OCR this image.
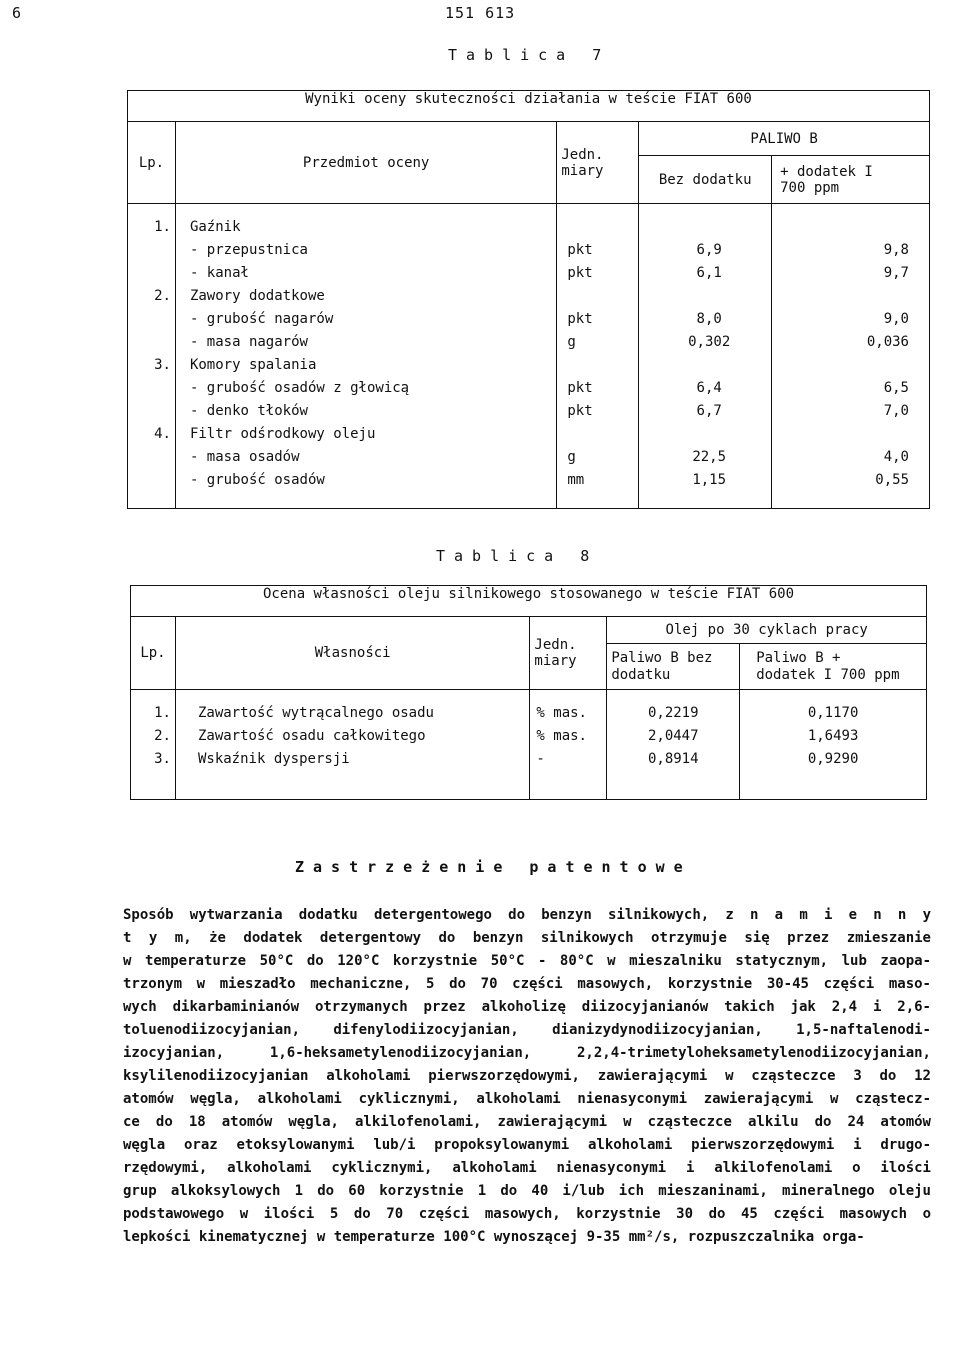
6	151 613
Tablica 7
Wyniki oceny skuteczności działania w teście FIAT 600				
Lp.	Przedmiot oceny	Jedn. miary	PALIWO B	
			Bez dodatku	+ dodatek I 700 ppm
1.	Gaźnik			
	- przepustnica	pkt	6,9	9,8
	- kanał	pkt	6,1	9,7
2.	Zawory dodatkowe			
	- grubość nagarów	pkt	8,0	9,0
	- masa nagarów	g	0,302	0,036
3.	Komory spalania			
	- grubość osadów z głowicą	pkt	6,4	6,5
	- denko tłoków	pkt	6,7	7,0
4.	Filtr odśrodkowy oleju			
	- masa osadów	g	22,5	4,0
	- grubość osadów	mm	1,15	0,55
Tablica 8
Ocena własności oleju silnikowego stosowanego w teście FIAT 600				
Lp.	Własności	Jedn. miary	Olej po 30 cyklach pracy	
			Paliwo B bez dodatku	Paliwo B + dodatek I 700 ppm
1.	Zawartość wytrącalnego osadu	% mas.	0,2219	0,1170
2.	Zawartość osadu całkowitego	% mas.	2,0447	1,6493
3.	Wskaźnik dyspersji	-	0,8914	0,9290
Zastrzeżenie patentowe
Sposób wytwarzania dodatku detergentowego do benzyn silnikowych, z n a m i e n n y
t y m, że dodatek detergentowy do benzyn silnikowych otrzymuje się przez zmieszanie
w temperaturze 50°C do 120°C korzystnie 50°C - 80°C w mieszalniku statycznym, lub zaopa-
trzonym w mieszadło mechaniczne, 5 do 70 części masowych, korzystnie 30-45 części maso-
wych dikarbaminianów otrzymanych przez alkoholizę diizocyjanianów takich jak 2,4 i 2,6-
toluenodiizocyjanian, difenylodiizocyjanian, dianizydynodiizocyjanian, 1,5-naftalenodi-
izocyjanian, 1,6-heksametylenodiizocyjanian, 2,2,4-trimetyloheksametylenodiizocyjanian,
ksylilenodiizocyjanian alkoholami pierwszorzędowymi, zawierającymi w cząsteczce 3 do 12
atomów węgla, alkoholami cyklicznymi, alkoholami nienasyconymi zawierającymi w cząstecz-
ce do 18 atomów węgla, alkilofenolami, zawierającymi w cząsteczce alkilu do 24 atomów
węgla oraz etoksylowanymi lub/i propoksylowanymi alkoholami pierwszorzędowymi i drugo-
rzędowymi, alkoholami cyklicznymi, alkoholami nienasyconymi i alkilofenolami o ilości
grup alkoksylowych 1 do 60 korzystnie 1 do 40 i/lub ich mieszaninami, mineralnego oleju
podstawowego w ilości 5 do 70 części masowych, korzystnie 30 do 45 części masowych o
lepkości kinematycznej w temperaturze 100°C wynoszącej 9-35 mm²/s, rozpuszczalnika orga-
